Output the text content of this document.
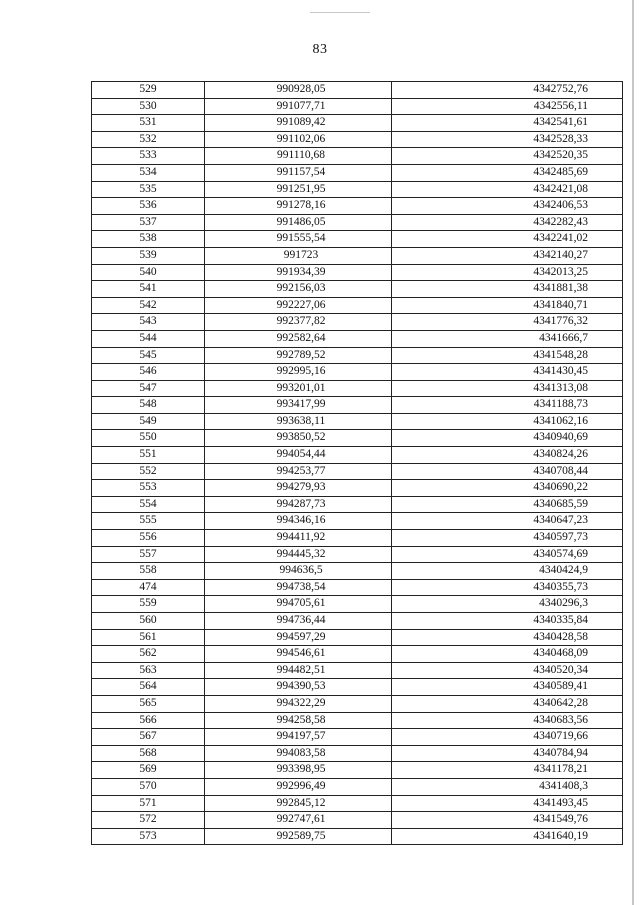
83
529	990928,05	4342752,76
530	991077,71	4342556,11
531	991089,42	4342541,61
532	991102,06	4342528,33
533	991110,68	4342520,35
534	991157,54	4342485,69
535	991251,95	4342421,08
536	991278,16	4342406,53
537	991486,05	4342282,43
538	991555,54	4342241,02
539	991723	4342140,27
540	991934,39	4342013,25
541	992156,03	4341881,38
542	992227,06	4341840,71
543	992377,82	4341776,32
544	992582,64	4341666,7
545	992789,52	4341548,28
546	992995,16	4341430,45
547	993201,01	4341313,08
548	993417,99	4341188,73
549	993638,11	4341062,16
550	993850,52	4340940,69
551	994054,44	4340824,26
552	994253,77	4340708,44
553	994279,93	4340690,22
554	994287,73	4340685,59
555	994346,16	4340647,23
556	994411,92	4340597,73
557	994445,32	4340574,69
558	994636,5	4340424,9
474	994738,54	4340355,73
559	994705,61	4340296,3
560	994736,44	4340335,84
561	994597,29	4340428,58
562	994546,61	4340468,09
563	994482,51	4340520,34
564	994390,53	4340589,41
565	994322,29	4340642,28
566	994258,58	4340683,56
567	994197,57	4340719,66
568	994083,58	4340784,94
569	993398,95	4341178,21
570	992996,49	4341408,3
571	992845,12	4341493,45
572	992747,61	4341549,76
573	992589,75	4341640,19
